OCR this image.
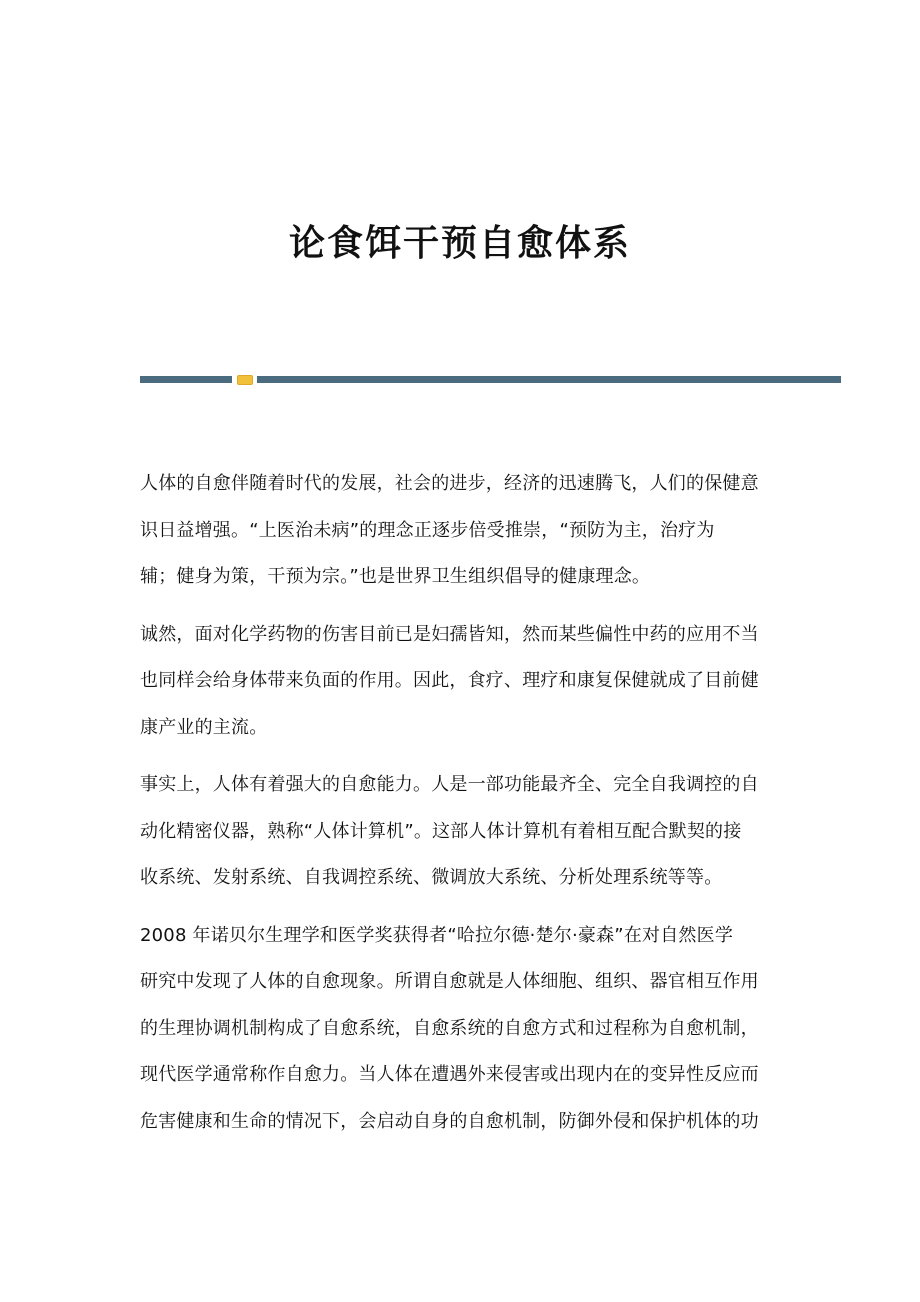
论食饵干预自愈体系
人体的自愈伴随着时代的发展，社会的进步，经济的迅速腾飞，人们的保健意
识日益增强。“上医治未病”的理念正逐步倍受推崇，“预防为主，治疗为
辅；健身为策，干预为宗。”也是世界卫生组织倡导的健康理念。
诚然，面对化学药物的伤害目前已是妇孺皆知，然而某些偏性中药的应用不当
也同样会给身体带来负面的作用。因此，食疗、理疗和康复保健就成了目前健
康产业的主流。
事实上，人体有着强大的自愈能力。人是一部功能最齐全、完全自我调控的自
动化精密仪器，熟称“人体计算机”。这部人体计算机有着相互配合默契的接
收系统、发射系统、自我调控系统、微调放大系统、分析处理系统等等。
2008 年诺贝尔生理学和医学奖获得者“哈拉尔德·楚尔·豪森”在对自然医学
研究中发现了人体的自愈现象。所谓自愈就是人体细胞、组织、器官相互作用
的生理协调机制构成了自愈系统，自愈系统的自愈方式和过程称为自愈机制，
现代医学通常称作自愈力。当人体在遭遇外来侵害或出现内在的变异性反应而
危害健康和生命的情况下，会启动自身的自愈机制，防御外侵和保护机体的功
